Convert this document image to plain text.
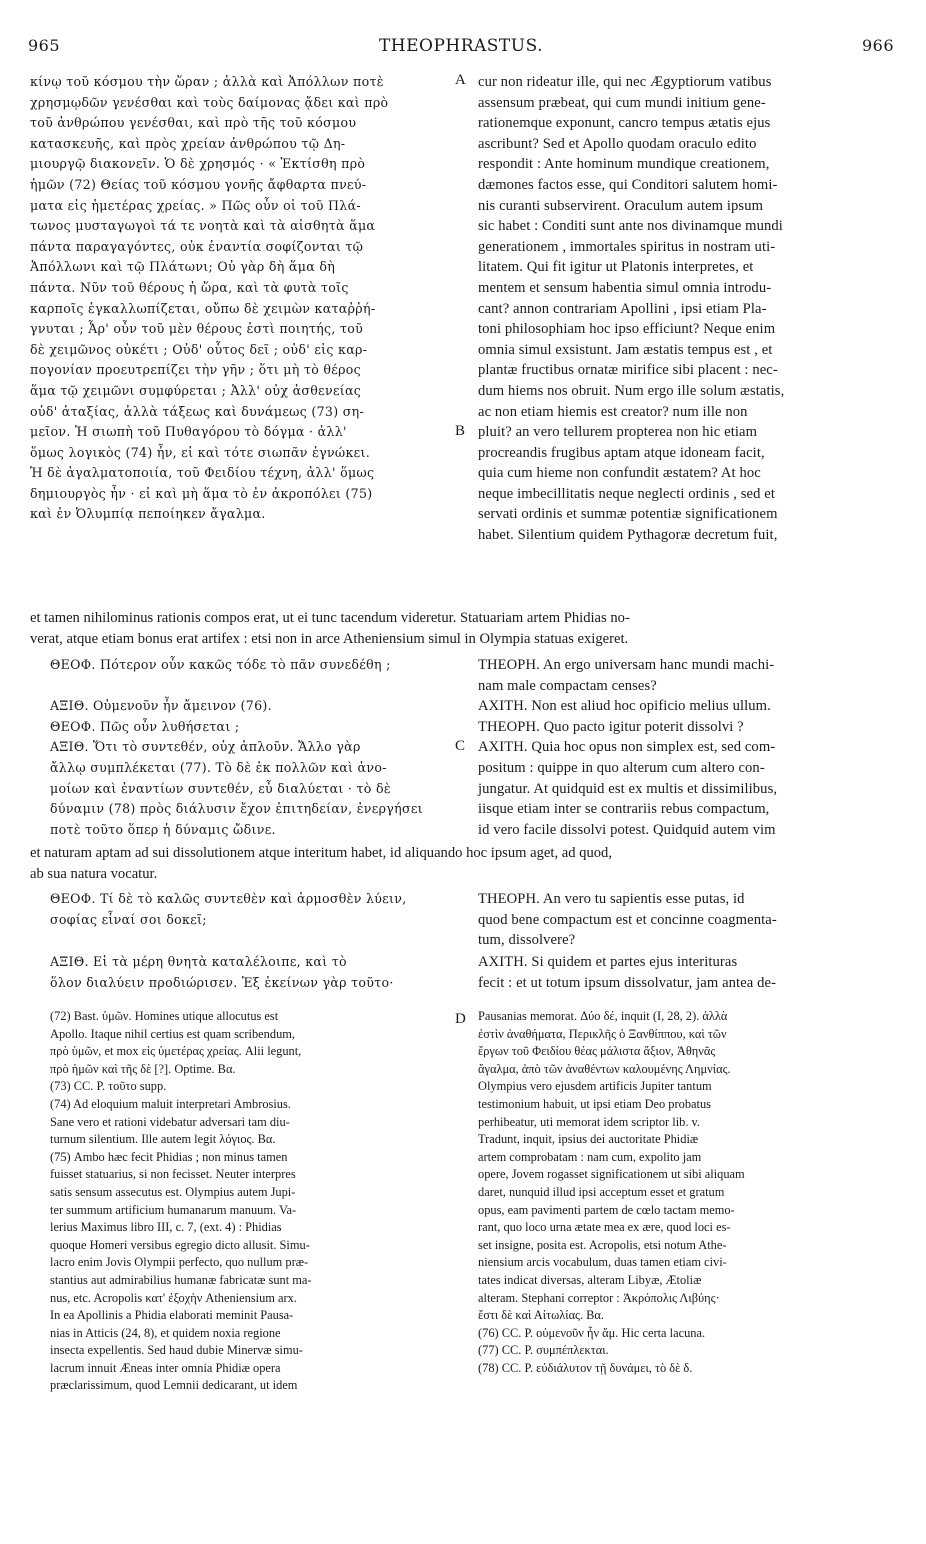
965	THEOPHRASTUS.	966
A
B
C
D
κίνῳ τοῦ κόσμου τὴν ὥραν ; ἀλλὰ καὶ Ἀπόλλων ποτὲ
χρησμῳδῶν γενέσθαι καὶ τοὺς δαίμονας ᾄδει καὶ πρὸ
τοῦ ἀνθρώπου γενέσθαι, καὶ πρὸ τῆς τοῦ κόσμου
κατασκευῆς, καὶ πρὸς χρείαν ἀνθρώπου τῷ Δη-
μιουργῷ διακονεῖν. Ὁ δὲ χρησμός · « Ἐκτίσθη πρὸ
ἡμῶν (72) Θείας τοῦ κόσμου γονῆς ἄφθαρτα πνεύ-
ματα εἰς ἡμετέρας χρείας. » Πῶς οὖν οἱ τοῦ Πλά-
τωνος μυσταγωγοὶ τά τε νοητὰ καὶ τὰ αἰσθητὰ ἅμα
πάντα παραγαγόντες, οὐκ ἐναντία σοφίζονται τῷ
Ἀπόλλωνι καὶ τῷ Πλάτωνι; Οὐ γὰρ δὴ ἅμα δὴ
πάντα. Νῦν τοῦ θέρους ἡ ὥρα, καὶ τὰ φυτὰ τοῖς
καρποῖς ἐγκαλλωπίζεται, οὔπω δὲ χειμὼν καταῤῥή-
γνυται ; Ἆρ' οὖν τοῦ μὲν θέρους ἐστὶ ποιητής, τοῦ
δὲ χειμῶνος οὐκέτι ; Οὐδ' οὗτος δεῖ ; οὐδ' εἰς καρ-
πογονίαν προευτρεπίζει τὴν γῆν ; ὅτι μὴ τὸ θέρος
ἅμα τῷ χειμῶνι συμφύρεται ; Ἀλλ' οὐχ ἀσθενείας
οὐδ' ἀταξίας, ἀλλὰ τάξεως καὶ δυνάμεως (73) ση-
μεῖον. Ἡ σιωπὴ τοῦ Πυθαγόρου τὸ δόγμα · ἀλλ'
ὅμως λογικὸς (74) ἦν, εἰ καὶ τότε σιωπᾶν ἐγνώκει.
Ἡ δὲ ἀγαλματοποιία, τοῦ Φειδίου τέχνη, ἀλλ' ὅμως
δημιουργὸς ἦν · εἰ καὶ μὴ ἅμα τὸ ἐν ἀκροπόλει (75)
καὶ ἐν Ὀλυμπίᾳ πεποίηκεν ἄγαλμα.
cur non rideatur ille, qui nec Ægyptiorum vatibus
assensum præbeat, qui cum mundi initium gene-
rationemque exponunt, cancro tempus ætatis ejus
ascribunt? Sed et Apollo quodam oraculo edito
respondit : Ante hominum mundique creationem,
dæmones factos esse, qui Conditori salutem homi-
nis curanti subservirent. Oraculum autem ipsum
sic habet : Conditi sunt ante nos divinamque mundi
generationem , immortales spiritus in nostram uti-
litatem. Qui fit igitur ut Platonis interpretes, et
mentem et sensum habentia simul omnia introdu-
cant? annon contrariam Apollini , ipsi etiam Pla-
toni philosophiam hoc ipso efficiunt? Neque enim
omnia simul exsistunt. Jam æstatis tempus est , et
plantæ fructibus ornatæ mirifice sibi placent : nec-
dum hiems nos obruit. Num ergo ille solum æstatis,
ac non etiam hiemis est creator? num ille non
pluit? an vero tellurem propterea non hic etiam
procreandis frugibus aptam atque idoneam facit,
quia cum hieme non confundit æstatem? At hoc
neque imbecillitatis neque neglecti ordinis , sed et
servati ordinis et summæ potentiæ significationem
habet. Silentium quidem Pythagoræ decretum fuit,
et tamen nihilominus rationis compos erat, ut ei tunc tacendum videretur. Statuariam artem Phidias no-
verat, atque etiam bonus erat artifex : etsi non in arce Atheniensium simul in Olympia statuas exigeret.
ΘΕΟΦ. Πότερον οὖν κακῶς τόδε τὸ πᾶν συνεδέθη ;

ΑΞΙΘ. Οὐμενοῦν ἦν ἄμεινον (76).
ΘΕΟΦ. Πῶς οὖν λυθήσεται ;
ΑΞΙΘ. Ὅτι τὸ συντεθέν, οὐχ ἁπλοῦν. Ἄλλο γὰρ
ἄλλῳ συμπλέκεται (77). Τὸ δὲ ἐκ πολλῶν καὶ ἀνο-
μοίων καὶ ἐναντίων συντεθέν, εὖ διαλύεται · τὸ δὲ
δύναμιν (78) πρὸς διάλυσιν ἔχον ἐπιτηδείαν, ἐνεργήσει
ποτὲ τοῦτο ὅπερ ἡ δύναμις ὤδινε.
THEOPH. An ergo universam hanc mundi machi-
nam male compactam censes?
AXITH. Non est aliud hoc opificio melius ullum.
THEOPH. Quo pacto igitur poterit dissolvi ?
AXITH. Quia hoc opus non simplex est, sed com-
positum : quippe in quo alterum cum altero con-
jungatur. At quidquid est ex multis et dissimilibus,
iisque etiam inter se contrariis rebus compactum,
id vero facile dissolvi potest. Quidquid autem vim
et naturam aptam ad sui dissolutionem atque interitum habet, id aliquando hoc ipsum aget, ad quod,
ab sua natura vocatur.
ΘΕΟΦ. Τί δὲ τὸ καλῶς συντεθὲν καὶ ἁρμοσθὲν λύειν,
σοφίας εἶναί σοι δοκεῖ;
THEOPH. An vero tu sapientis esse putas, id
quod bene compactum est et concinne coagmenta-
tum, dissolvere?
ΑΞΙΘ. Εἰ τὰ μέρη θνητὰ καταλέλοιπε, καὶ τὸ
ὅλον διαλύειν προδιώρισεν. Ἐξ ἐκείνων γὰρ τοῦτο·
AXITH. Si quidem et partes ejus interituras
fecit : et ut totum ipsum dissolvatur, jam antea de-
(72) Bast. ὑμῶν. Homines utique allocutus est
Apollo. Itaque nihil certius est quam scribendum,
πρὸ ὑμῶν, et mox εἰς ὑμετέρας χρείας. Alii legunt,
πρὸ ἡμῶν καὶ τῆς δὲ [?]. Optime. Βα.
(73) CC. P. τοῦτο supp.
(74) Ad eloquium maluit interpretari Ambrosius.
Sane vero et rationi videbatur adversari tam diu-
turnum silentium. Ille autem legit λόγιος. Βα.
(75) Ambo hæc fecit Phidias ; non minus tamen
fuisset statuarius, si non fecisset. Neuter interpres
satis sensum assecutus est. Olympius autem Jupi-
ter summum artificium humanarum manuum. Va-
lerius Maximus libro III, c. 7, (ext. 4) : Phidias
quoque Homeri versibus egregio dicto allusit. Simu-
lacro enim Jovis Olympii perfecto, quo nullum præ-
stantius aut admirabilius humanæ fabricatæ sunt ma-
nus, etc. Acropolis κατ' ἐξοχὴν Atheniensium arx.
In ea Apollinis a Phidia elaborati meminit Pausa-
nias in Atticis (24, 8), et quidem noxia regione
insecta expellentis. Sed haud dubie Minervæ simu-
lacrum innuit Æneas inter omnia Phidiæ opera
præclarissimum, quod Lemnii dedicarant, ut idem
Pausanias memorat. Δύο δέ, inquit (I, 28, 2). ἀλλὰ
ἐστὶν ἀναθήματα, Περικλῆς ὁ Ξανθίππου, καὶ τῶν
ἔργων τοῦ Φειδίου θέας μάλιστα ἄξιον, Ἀθηνᾶς
ἄγαλμα, ἀπὸ τῶν ἀναθέντων καλουμένης Λημνίας.
Olympius vero ejusdem artificis Jupiter tantum
testimonium habuit, ut ipsi etiam Deo probatus
perhibeatur, uti memorat idem scriptor lib. v.
Tradunt, inquit, ipsius dei auctoritate Phidiæ
artem comprobatam : nam cum, expolito jam
opere, Jovem rogasset significationem ut sibi aliquam
daret, nunquid illud ipsi acceptum esset et gratum
opus, eam pavimenti partem de cœlo tactam memo-
rant, quo loco urna ætate mea ex ære, quod loci es-
set insigne, posita est. Acropolis, etsi notum Athe-
niensium arcis vocabulum, duas tamen etiam civi-
tates indicat diversas, alteram Libyæ, Ætoliæ
alteram. Stephani correptor : Ἀκρόπολις Λιβύης·
ἔστι δὲ καὶ Αἰτωλίας. Βα.
(76) CC. P. οὐμενοῦν ἦν ἄμ. Hic certa lacuna.
(77) CC. P. συμπέπλεκται.
(78) CC. P. εὐδιάλυτον τῇ δυνάμει, τὸ δὲ δ.
